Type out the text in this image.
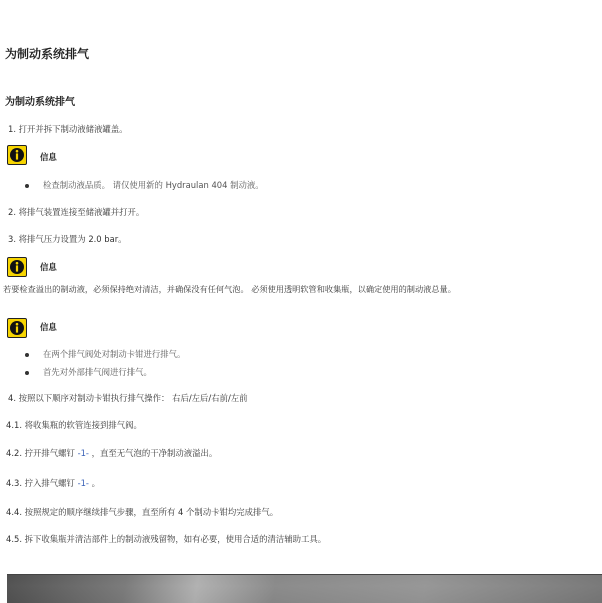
为制动系统排气
为制动系统排气
1. 打开并拆下制动液储液罐盖。
信息
检查制动液品质。 请仅使用新的 Hydraulan 404 制动液。
2. 将排气装置连接至储液罐并打开。
3. 将排气压力设置为 2.0 bar。
信息
若要检查溢出的制动液，必须保持绝对清洁，并确保没有任何气泡。 必须使用透明软管和收集瓶，以确定使用的制动液总量。
信息
在两个排气阀处对制动卡钳进行排气。
首先对外部排气阀进行排气。
4. 按照以下顺序对制动卡钳执行排气操作： 右后/左后/右前/左前
4.1. 将收集瓶的软管连接到排气阀。
4.2. 拧开排气螺钉 -1- ，直至无气泡的干净制动液溢出。
4.3. 拧入排气螺钉 -1- 。
4.4. 按照规定的顺序继续排气步骤，直至所有 4 个制动卡钳均完成排气。
4.5. 拆下收集瓶并清洁部件上的制动液残留物，如有必要，使用合适的清洁辅助工具。
